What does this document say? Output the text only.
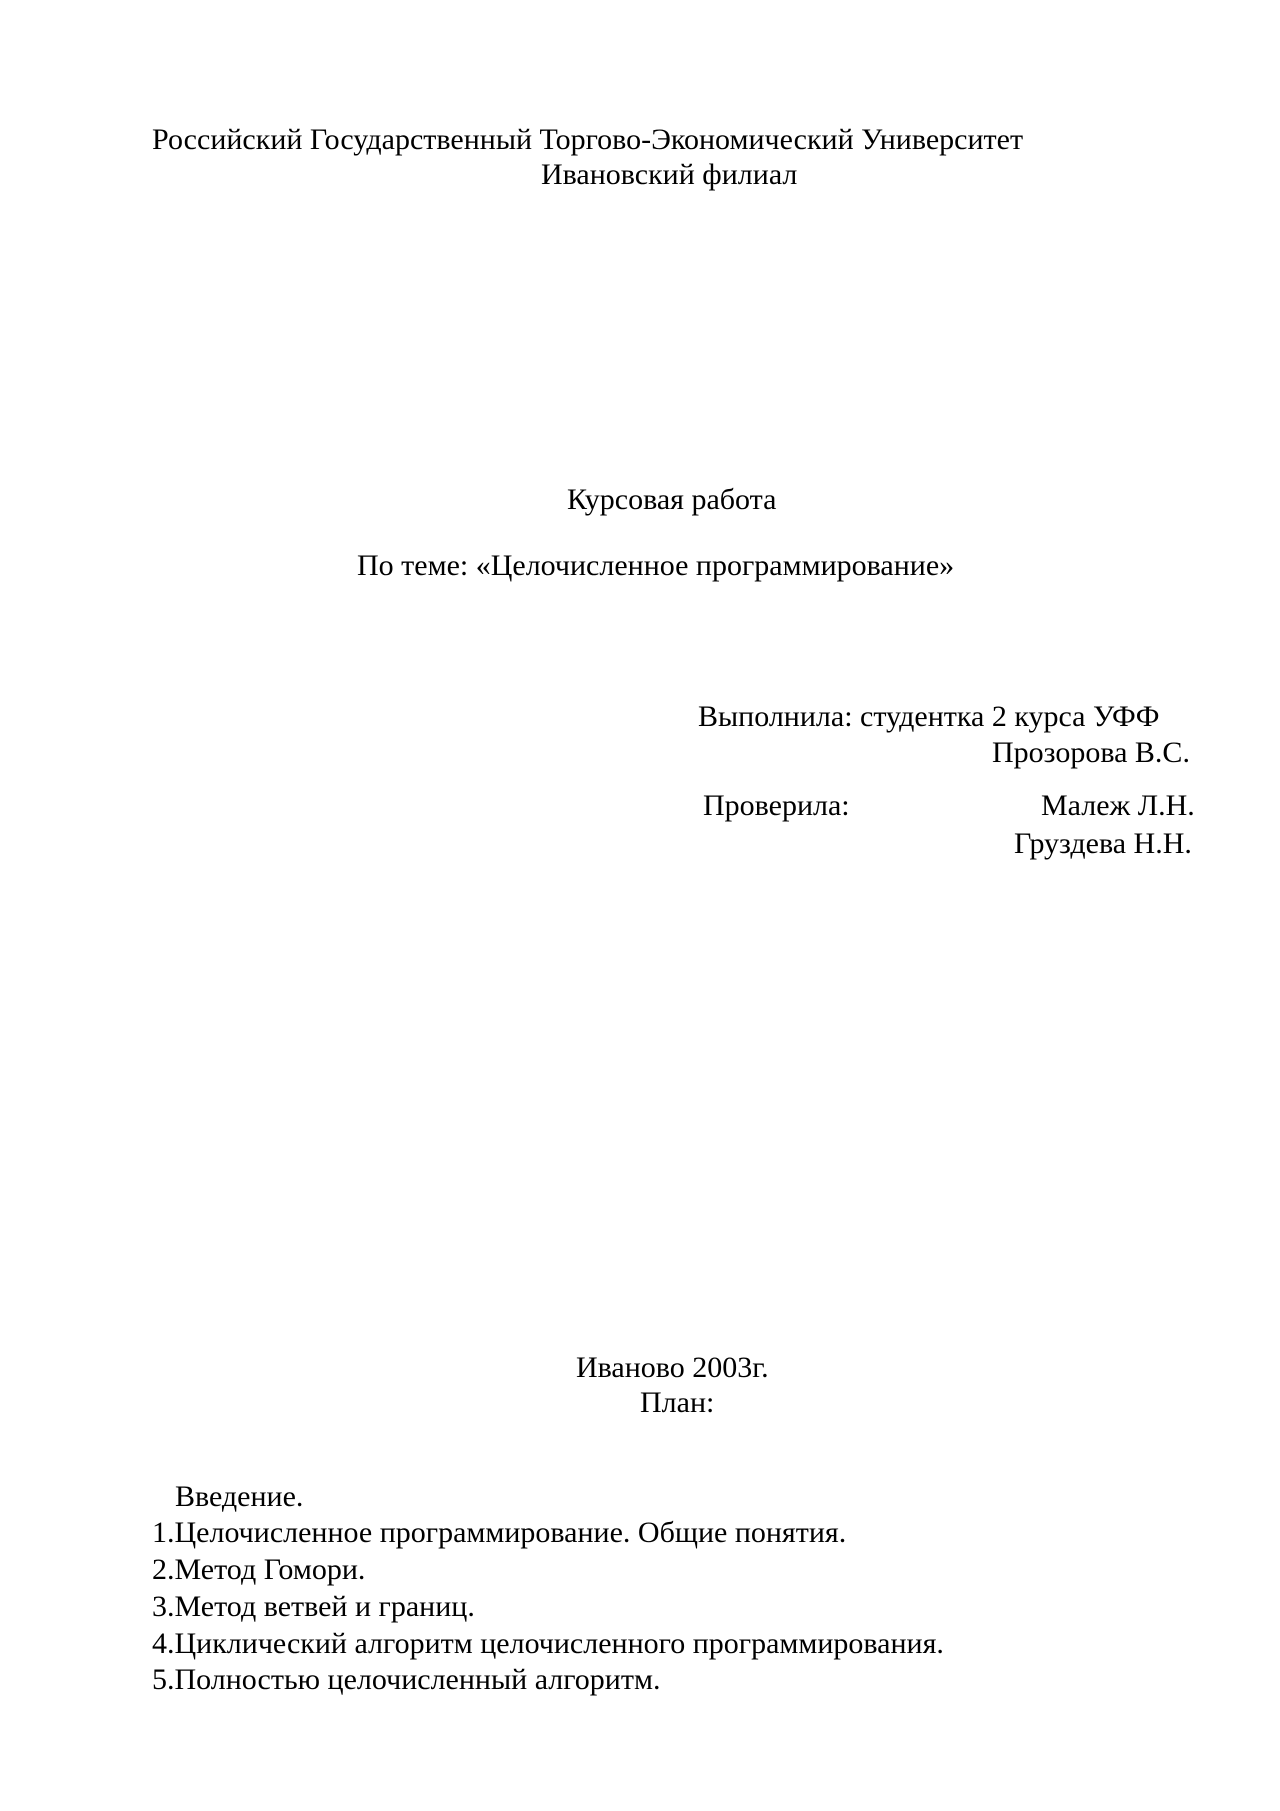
Российский Государственный Торгово-Экономический Университет
Ивановский филиал
Курсовая работа
По теме: «Целочисленное программирование»
Выполнила: студентка 2 курса УФФ
Прозорова В.С.
Проверила:	Малеж Л.Н.
Груздева Н.Н.
Иваново 2003г.
План:
Введение.
1.Целочисленное программирование. Общие понятия.
2.Метод Гомори.
3.Метод ветвей и границ.
4.Циклический алгоритм целочисленного программирования.
5.Полностью целочисленный алгоритм.
